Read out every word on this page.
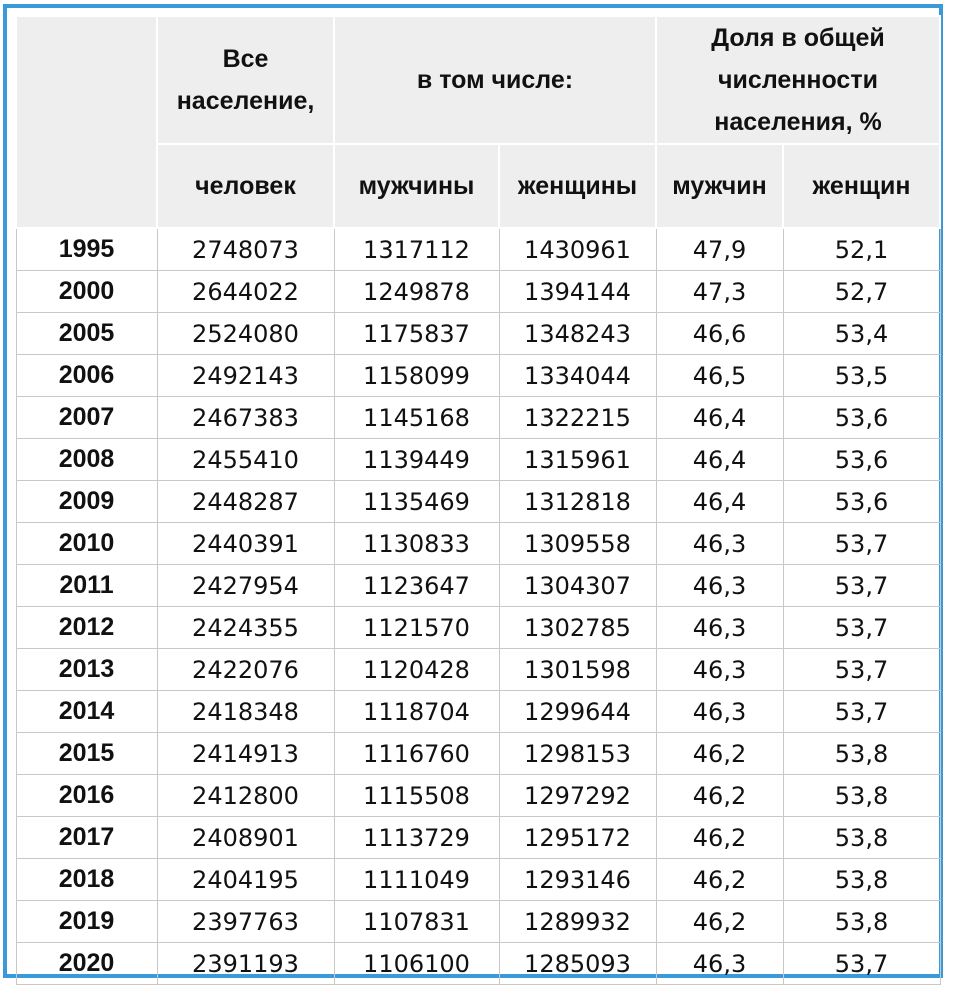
	Все население,	в том числе:		Доля в общей численности населения, %	
	человек	мужчины	женщины	мужчин	женщин
1995	2748073	1317112	1430961	47,9	52,1
2000	2644022	1249878	1394144	47,3	52,7
2005	2524080	1175837	1348243	46,6	53,4
2006	2492143	1158099	1334044	46,5	53,5
2007	2467383	1145168	1322215	46,4	53,6
2008	2455410	1139449	1315961	46,4	53,6
2009	2448287	1135469	1312818	46,4	53,6
2010	2440391	1130833	1309558	46,3	53,7
2011	2427954	1123647	1304307	46,3	53,7
2012	2424355	1121570	1302785	46,3	53,7
2013	2422076	1120428	1301598	46,3	53,7
2014	2418348	1118704	1299644	46,3	53,7
2015	2414913	1116760	1298153	46,2	53,8
2016	2412800	1115508	1297292	46,2	53,8
2017	2408901	1113729	1295172	46,2	53,8
2018	2404195	1111049	1293146	46,2	53,8
2019	2397763	1107831	1289932	46,2	53,8
2020	2391193	1106100	1285093	46,3	53,7
